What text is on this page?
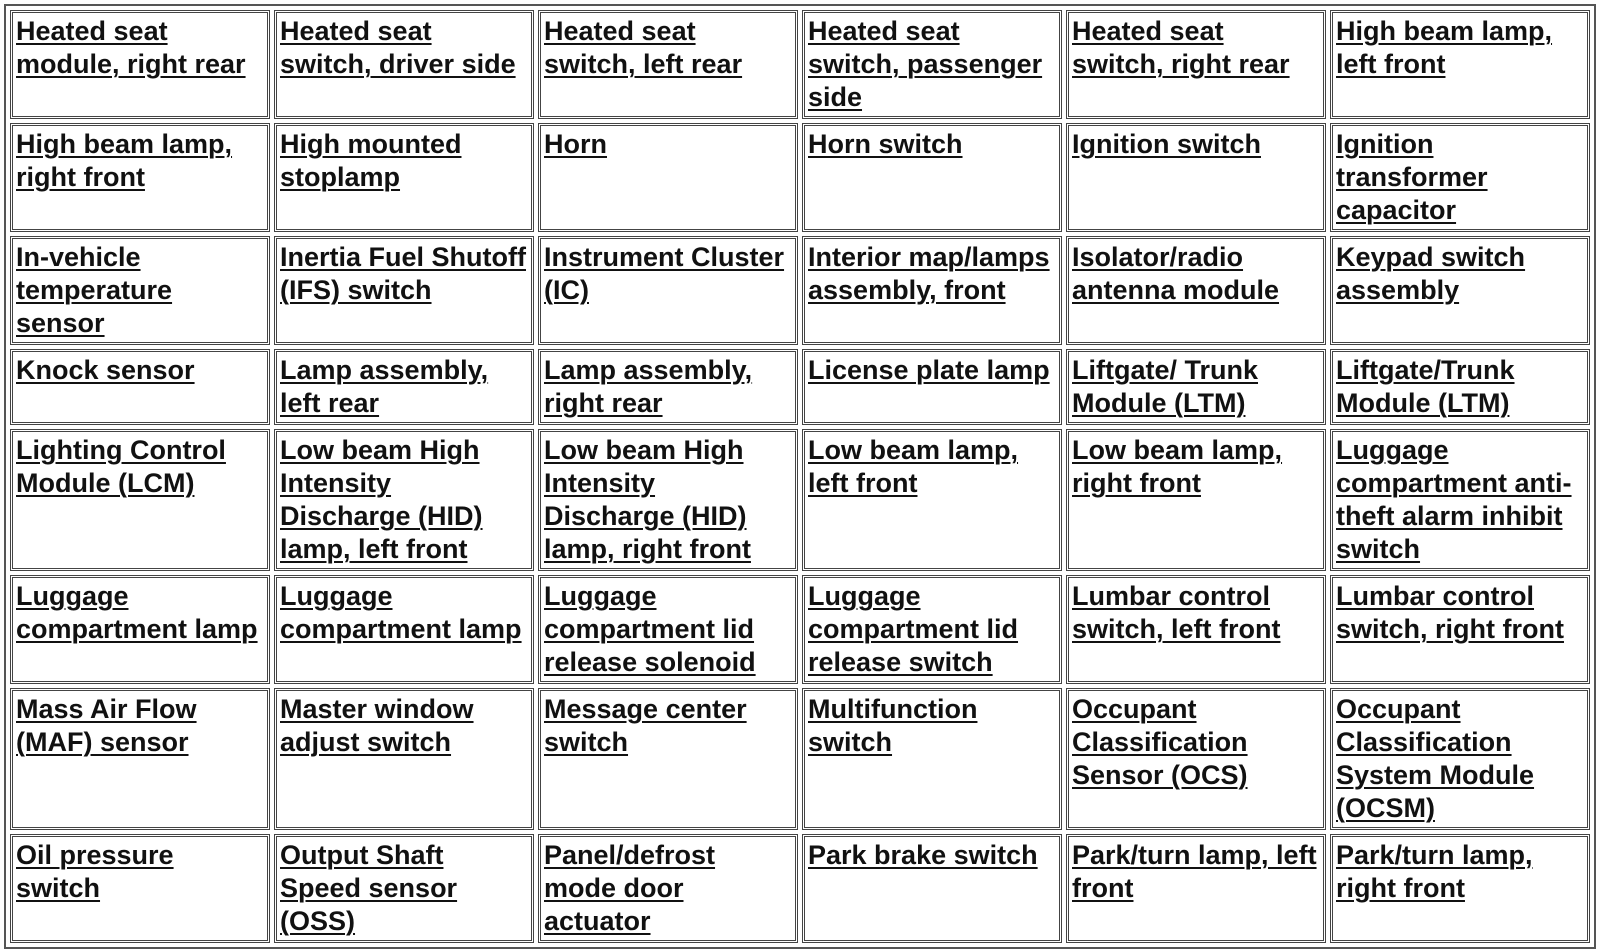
Heated seat module, right rear	Heated seat switch, driver side	Heated seat switch, left rear	Heated seat switch, passenger side	Heated seat switch, right rear	High beam lamp, left front
High beam lamp, right front	High mounted stoplamp	Horn	Horn switch	Ignition switch	Ignition transformer capacitor
In-vehicle temperature sensor	Inertia Fuel Shutoff (IFS) switch	Instrument Cluster (IC)	Interior map/lamps assembly, front	Isolator/radio antenna module	Keypad switch assembly
Knock sensor	Lamp assembly, left rear	Lamp assembly, right rear	License plate lamp	Liftgate/ Trunk Module (LTM)	Liftgate/Trunk Module (LTM)
Lighting Control Module (LCM)	Low beam High Intensity Discharge (HID) lamp, left front	Low beam High Intensity Discharge (HID) lamp, right front	Low beam lamp, left front	Low beam lamp, right front	Luggage compartment anti-theft alarm inhibit switch
Luggage compartment lamp	Luggage compartment lamp	Luggage compartment lid release solenoid	Luggage compartment lid release switch	Lumbar control switch, left front	Lumbar control switch, right front
Mass Air Flow (MAF) sensor	Master window adjust switch	Message center switch	Multifunction switch	Occupant Classification Sensor (OCS)	Occupant Classification System Module (OCSM)
Oil pressure switch	Output Shaft Speed sensor (OSS)	Panel/defrost mode door actuator	Park brake switch	Park/turn lamp, left front	Park/turn lamp, right front
